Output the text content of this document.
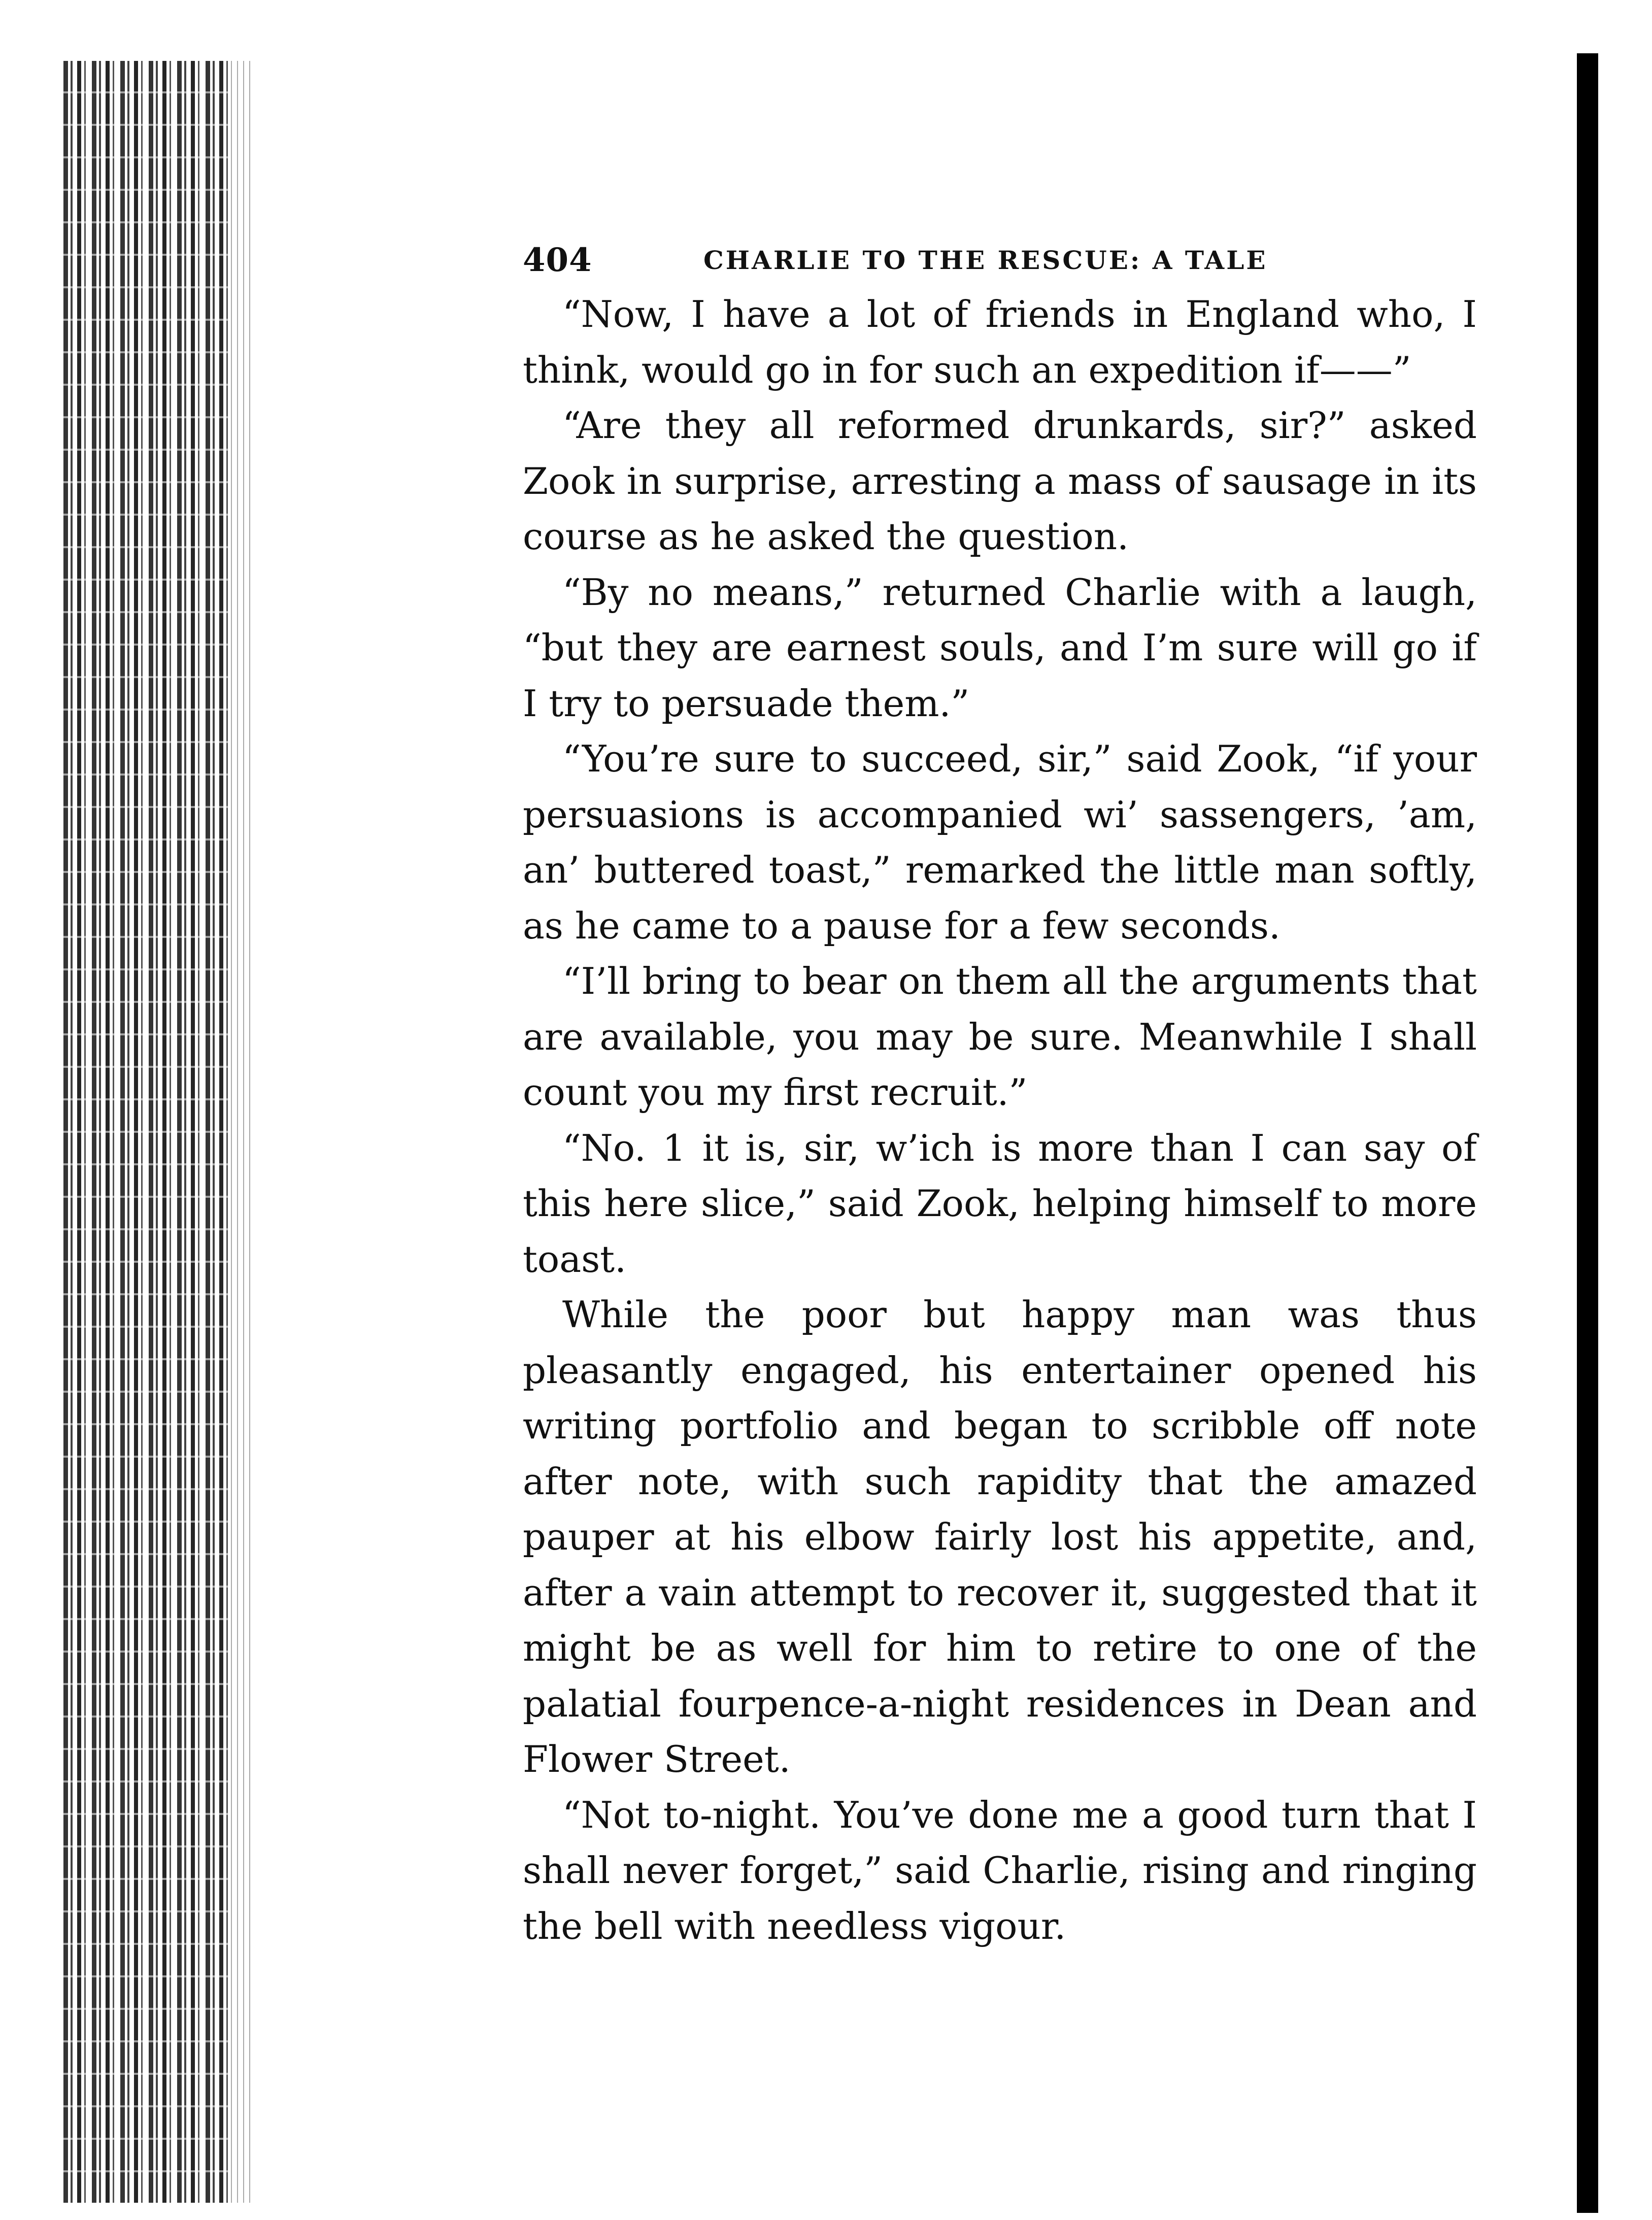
404	CHARLIE TO THE RESCUE: A TALE

“Now, I have a lot of friends in England who, I think, would go in for such an expedition if——”

“Are they all reformed drunkards, sir?” asked Zook in surprise, arresting a mass of sausage in its course as he asked the question.

“By no means,” returned Charlie with a laugh, “but they are earnest souls, and I’m sure will go if I try to persuade them.”

“You’re sure to succeed, sir,” said Zook, “if your persuasions is accompanied wi’ sassengers, ’am, an’ buttered toast,” remarked the little man softly, as he came to a pause for a few seconds.

“I’ll bring to bear on them all the arguments that are available, you may be sure. Meanwhile I shall count you my first recruit.”

“No. 1 it is, sir, w’ich is more than I can say of this here slice,” said Zook, helping himself to more toast.

While the poor but happy man was thus pleasantly engaged, his entertainer opened his writing portfolio and began to scribble off note after note, with such rapidity that the amazed pauper at his elbow fairly lost his appetite, and, after a vain attempt to recover it, suggested that it might be as well for him to retire to one of the palatial fourpence-a-night residences in Dean and Flower Street.

“Not to-night. You’ve done me a good turn that I shall never forget,” said Charlie, rising and ringing the bell with needless vigour.
